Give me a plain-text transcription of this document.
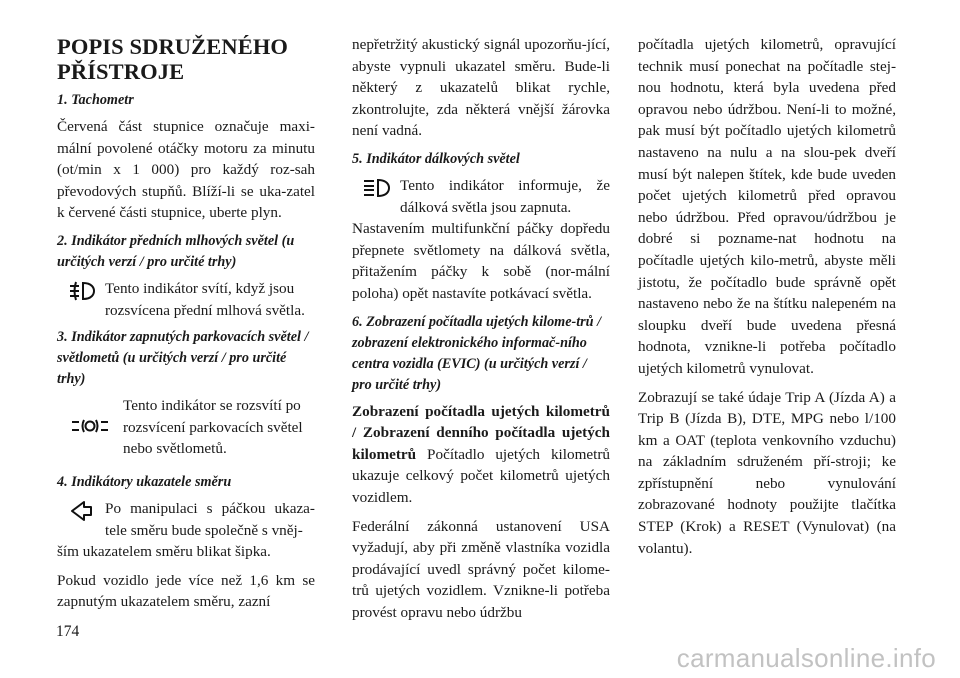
POPIS SDRUŽENÉHO
PŘÍSTROJE
1. Tachometr
Červená část stupnice označuje maxi-mální povolené otáčky motoru za minutu (ot/min x 1 000) pro každý roz-sah převodových stupňů. Blíží-li se uka-zatel k červené části stupnice, uberte plyn.
2. Indikátor předních mlhových světel (u určitých verzí / pro určité trhy)
Tento indikátor svítí, když jsou rozsvícena přední mlhová světla.
3. Indikátor zapnutých parkovacích světel / světlometů (u určitých verzí / pro určité trhy)
Tento indikátor se rozsvítí po rozsvícení parkovacích světel nebo světlometů.
4. Indikátory ukazatele směru
Po manipulaci s páčkou ukaza-tele směru bude společně s vněj-
ším ukazatelem směru blikat šipka.
Pokud vozidlo jede více než 1,6 km se zapnutým ukazatelem směru, zazní
nepřetržitý akustický signál upozorňu-jící, abyste vypnuli ukazatel směru. Bude-li některý z ukazatelů blikat rychle, zkontrolujte, zda některá vnější žárovka není vadná.
5. Indikátor dálkových světel
Tento indikátor informuje, že dálková světla jsou zapnuta.
Nastavením multifunkční páčky dopředu přepnete světlomety na dálková světla, přitažením páčky k sobě (nor-mální poloha) opět nastavíte potkávací světla.
6. Zobrazení počítadla ujetých kilome-trů / zobrazení elektronického informač-ního centra vozidla (EVIC) (u určitých verzí / pro určité trhy)
Zobrazení počítadla ujetých kilometrů / Zobrazení denního počítadla ujetých kilometrů Počítadlo ujetých kilometrů ukazuje celkový počet kilometrů ujetých vozidlem.
Federální zákonná ustanovení USA vyžadují, aby při změně vlastníka vozidla prodávající uvedl správný počet kilome-trů ujetých vozidlem. Vznikne-li potřeba provést opravu nebo údržbu
počítadla ujetých kilometrů, opravující technik musí ponechat na počítadle stej-nou hodnotu, která byla uvedena před opravou nebo údržbou. Není-li to možné, pak musí být počítadlo ujetých kilometrů nastaveno na nulu a na slou-pek dveří musí být nalepen štítek, kde bude uveden počet ujetých kilometrů před opravou nebo údržbou. Před opravou/údržbou je dobré si pozname-nat hodnotu na počítadle ujetých kilo-metrů, abyste měli jistotu, že počítadlo bude správně opět nastaveno nebo že na štítku nalepeném na sloupku dveří bude uvedena přesná hodnota, vznikne-li potřeba počítadlo ujetých kilometrů vynulovat.
Zobrazují se také údaje Trip A (Jízda A) a Trip B (Jízda B), DTE, MPG nebo l/100 km a OAT (teplota venkovního vzduchu) na základním sdruženém pří-stroji; ke zpřístupnění nebo vynulování zobrazované hodnoty použijte tlačítka STEP (Krok) a RESET (Vynulovat) (na volantu).
174
carmanualsonline.info
